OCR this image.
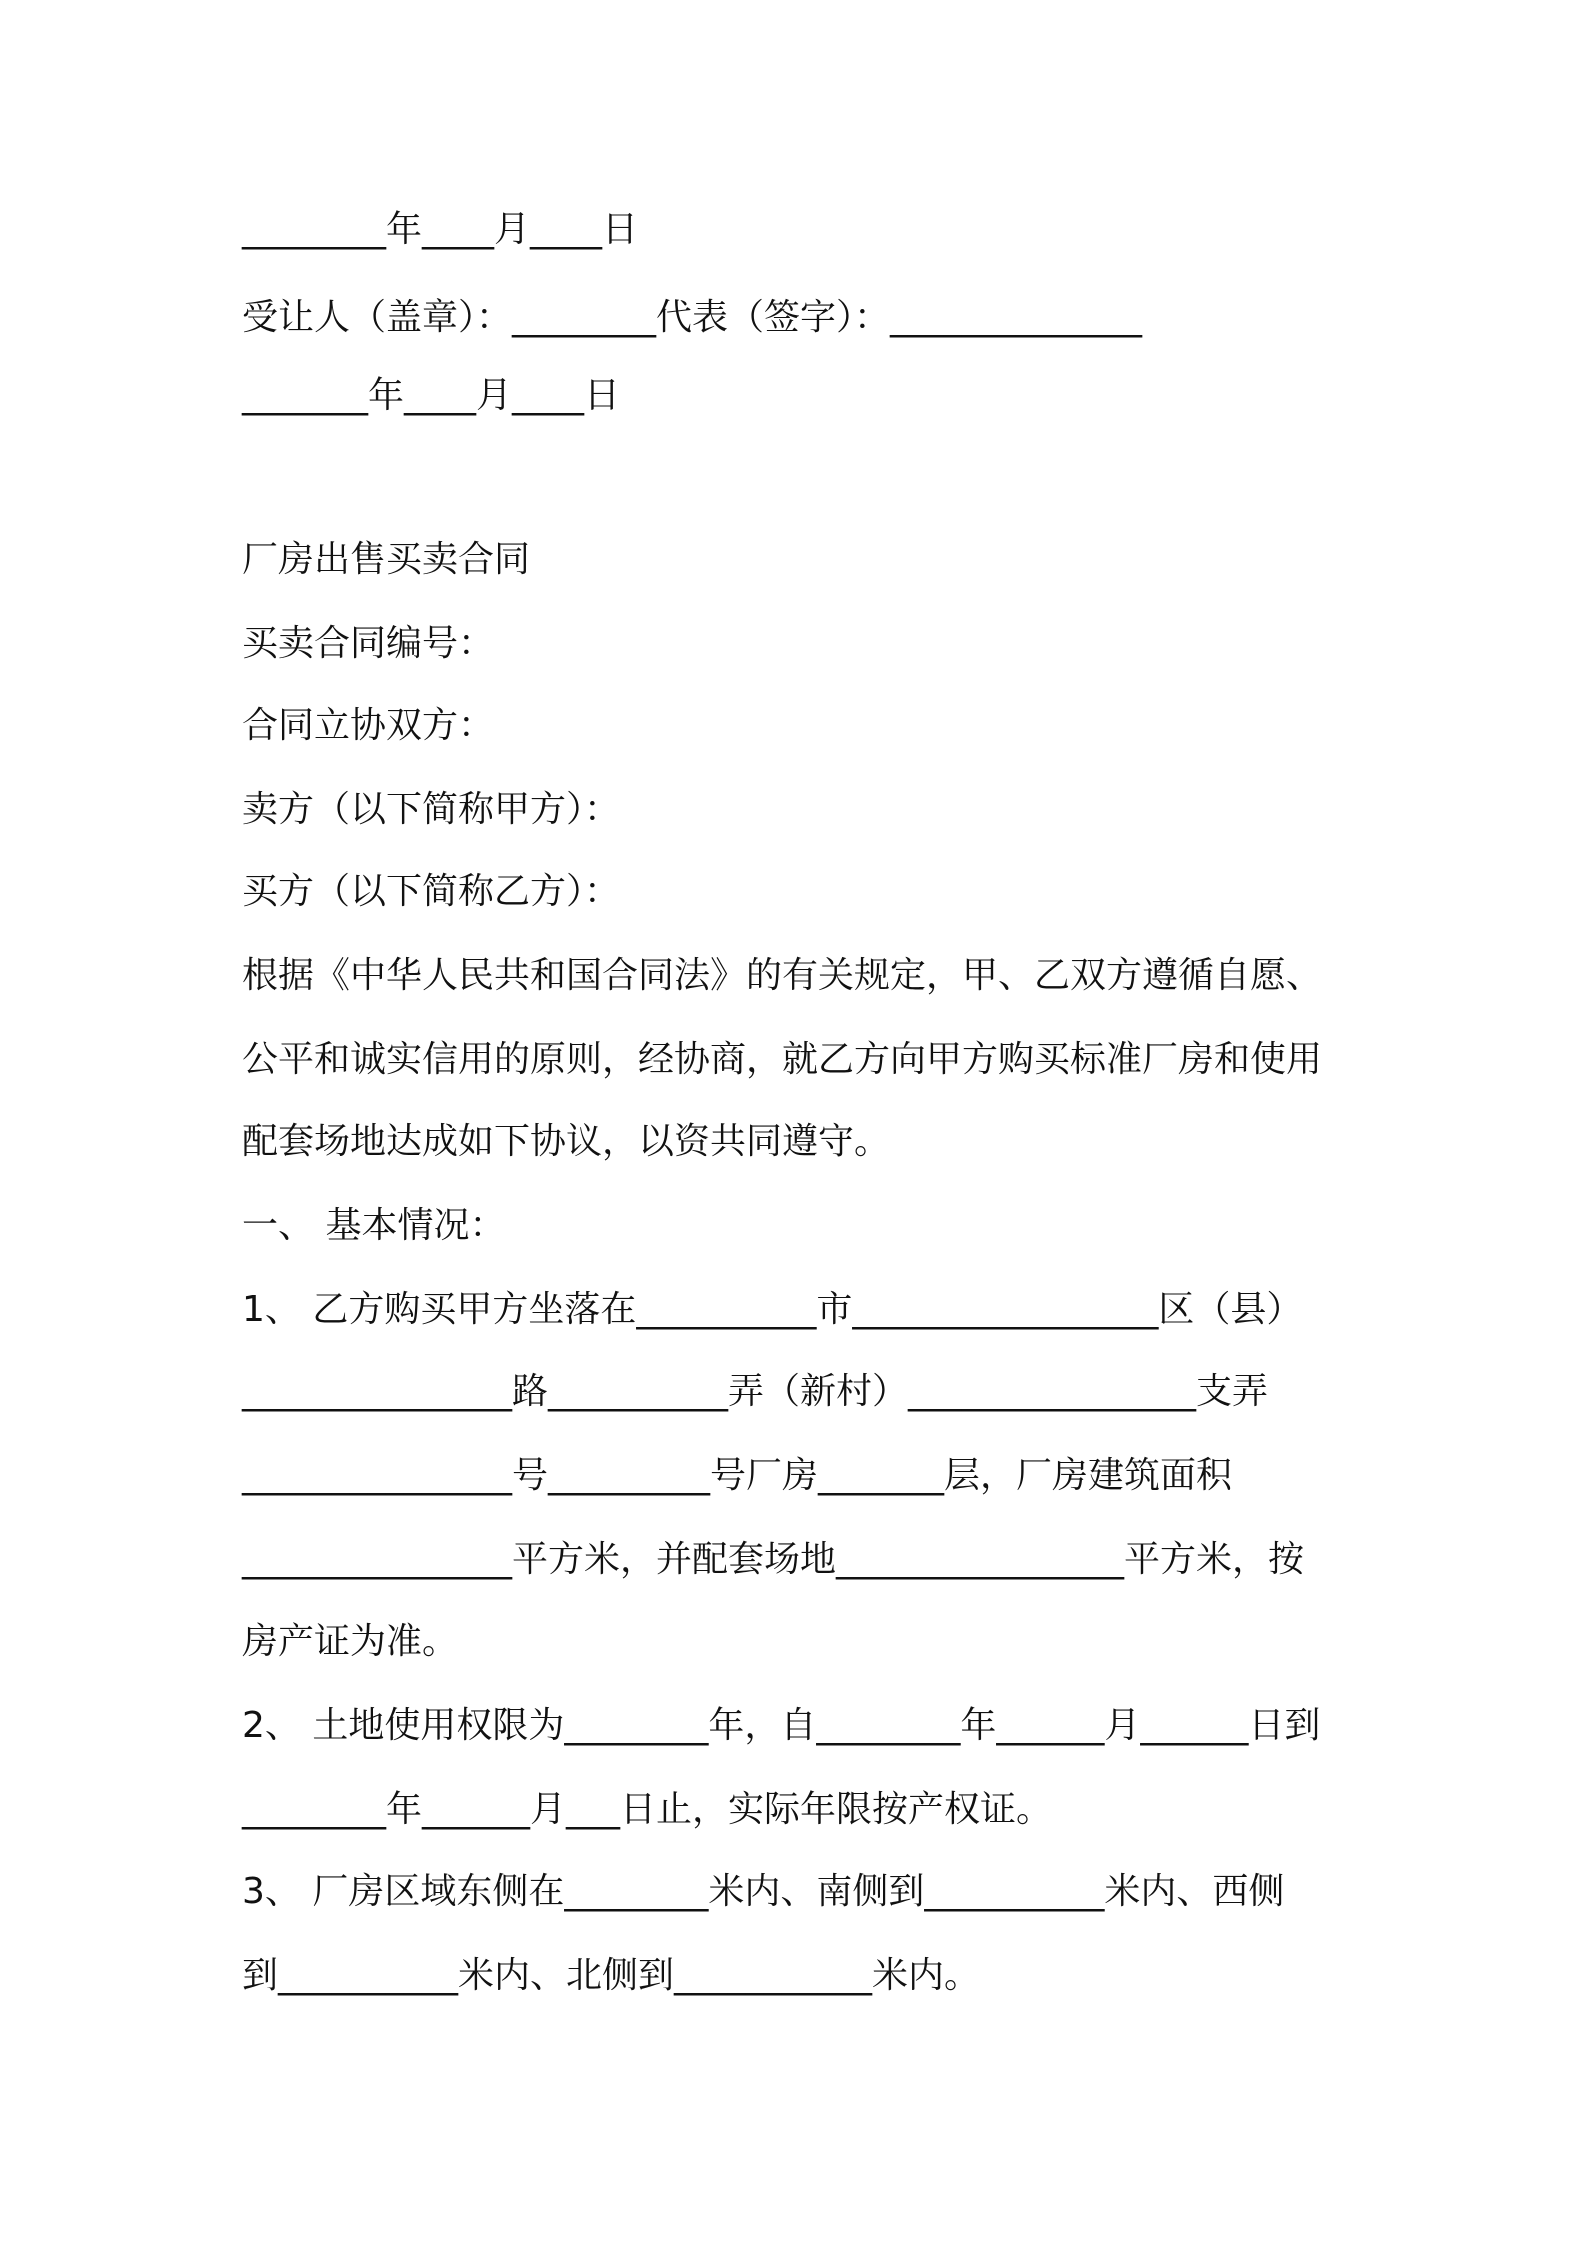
________年____月____日

受让人（盖章）：________代表（签字）：______________

_______年____月____日

厂房出售买卖合同

买卖合同编号：

合同立协双方：

卖方（以下简称甲方）：

买方（以下简称乙方）：

根据《中华人民共和国合同法》的有关规定，甲、乙双方遵循自愿、

公平和诚实信用的原则，经协商，就乙方向甲方购买标准厂房和使用

配套场地达成如下协议，以资共同遵守。

一、 基本情况：

1、 乙方购买甲方坐落在__________市_________________区（县）

_______________路__________弄（新村）________________支弄

_______________号_________号厂房_______层，厂房建筑面积

_______________平方米，并配套场地________________平方米，按

房产证为准。

2、 土地使用权限为________年，自________年______月______日到

________年______月___日止，实际年限按产权证。

3、 厂房区域东侧在________米内、南侧到__________米内、西侧

到__________米内、北侧到___________米内。
